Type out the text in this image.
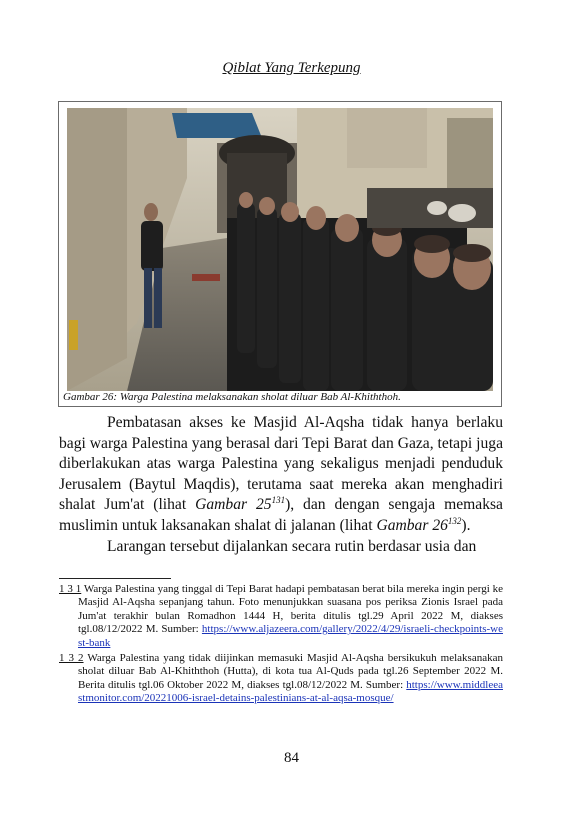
Qiblat Yang Terkepung
Gambar 26: Warga Palestina melaksanakan sholat diluar Bab Al-Khiththoh.

Pembatasan akses ke Masjid Al-Aqsha tidak hanya berlaku bagi warga Palestina yang berasal dari Tepi Barat dan Gaza, tetapi juga diberlakukan atas warga Palestina yang sekaligus menjadi penduduk Jerusalem (Baytul Maqdis), terutama saat mereka akan menghadiri shalat Jum'at (lihat Gambar $25^{131}$), dan dengan sengaja memaksa muslimin untuk laksanakan shalat di jalanan (lihat Gambar $26^{132}$).

Larangan tersebut dijalankan secara rutin berdasar usia dan

1 3 1 Warga Palestina yang tinggal di Tepi Barat hadapi pembatasan berat bila mereka ingin pergi ke Masjid Al-Aqsha sepanjang tahun. Foto menunjukkan suasana pos periksa Zionis Israel pada Jum'at terakhir bulan Romadhon 1444 H, berita ditulis tgl.29 April 2022 M, diakses tgl.08/12/2022 M. Sumber: https://www.aljazeera.com/gallery/2022/4/29/israeli-checkpoints-west-bank

1 3 2 Warga Palestina yang tidak diijinkan memasuki Masjid Al-Aqsha bersikukuh melaksanakan sholat diluar Bab Al-Khiththoh (Hutta), di kota tua Al-Quds pada tgl.26 September 2022 M. Berita ditulis tgl.06 Oktober 2022 M, diakses tgl.08/12/2022 M. Sumber: https://www.middleeastmonitor.com/20221006-israel-detains-palestinians-at-al-aqsa-mosque/

84
